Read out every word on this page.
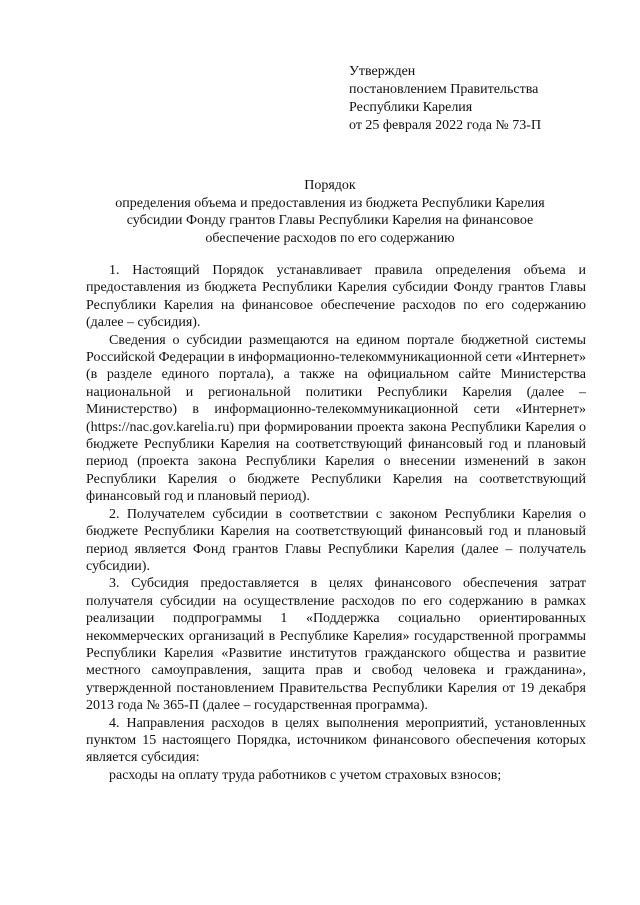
Утвержден
постановлением Правительства
Республики Карелия
от 25 февраля 2022 года № 73-П
Порядок
определения объема и предоставления из бюджета Республики Карелия
субсидии Фонду грантов Главы Республики Карелия на финансовое
обеспечение расходов по его содержанию

1. Настоящий Порядок устанавливает правила определения объема и предоставления из бюджета Республики Карелия субсидии Фонду грантов Главы Республики Карелия на финансовое обеспечение расходов по его содержанию (далее – субсидия).

Сведения о субсидии размещаются на едином портале бюджетной системы Российской Федерации в информационно-телекоммуникационной сети «Интернет» (в разделе единого портала), а также на официальном сайте Министерства национальной и региональной политики Республики Карелия (далее – Министерство) в информационно-телекоммуникационной сети «Интернет» (https://nac.gov.karelia.ru) при формировании проекта закона Республики Карелия о бюджете Республики Карелия на соответствующий финансовый год и плановый период (проекта закона Республики Карелия о внесении изменений в закон Республики Карелия о бюджете Республики Карелия на соответствующий финансовый год и плановый период).

2. Получателем субсидии в соответствии с законом Республики Карелия о бюджете Республики Карелия на соответствующий финансовый год и плановый период является Фонд грантов Главы Республики Карелия (далее – получатель субсидии).

3. Субсидия предоставляется в целях финансового обеспечения затрат получателя субсидии на осуществление расходов по его содержанию в рамках реализации подпрограммы 1 «Поддержка социально ориентированных некоммерческих организаций в Республике Карелия» государственной программы Республики Карелия «Развитие институтов гражданского общества и развитие местного самоуправления, защита прав и свобод человека и гражданина», утвержденной постановлением Правительства Республики Карелия от 19 декабря 2013 года № 365-П (далее – государственная программа).

4. Направления расходов в целях выполнения мероприятий, установленных пунктом 15 настоящего Порядка, источником финансового обеспечения которых является субсидия:

расходы на оплату труда работников с учетом страховых взносов;
